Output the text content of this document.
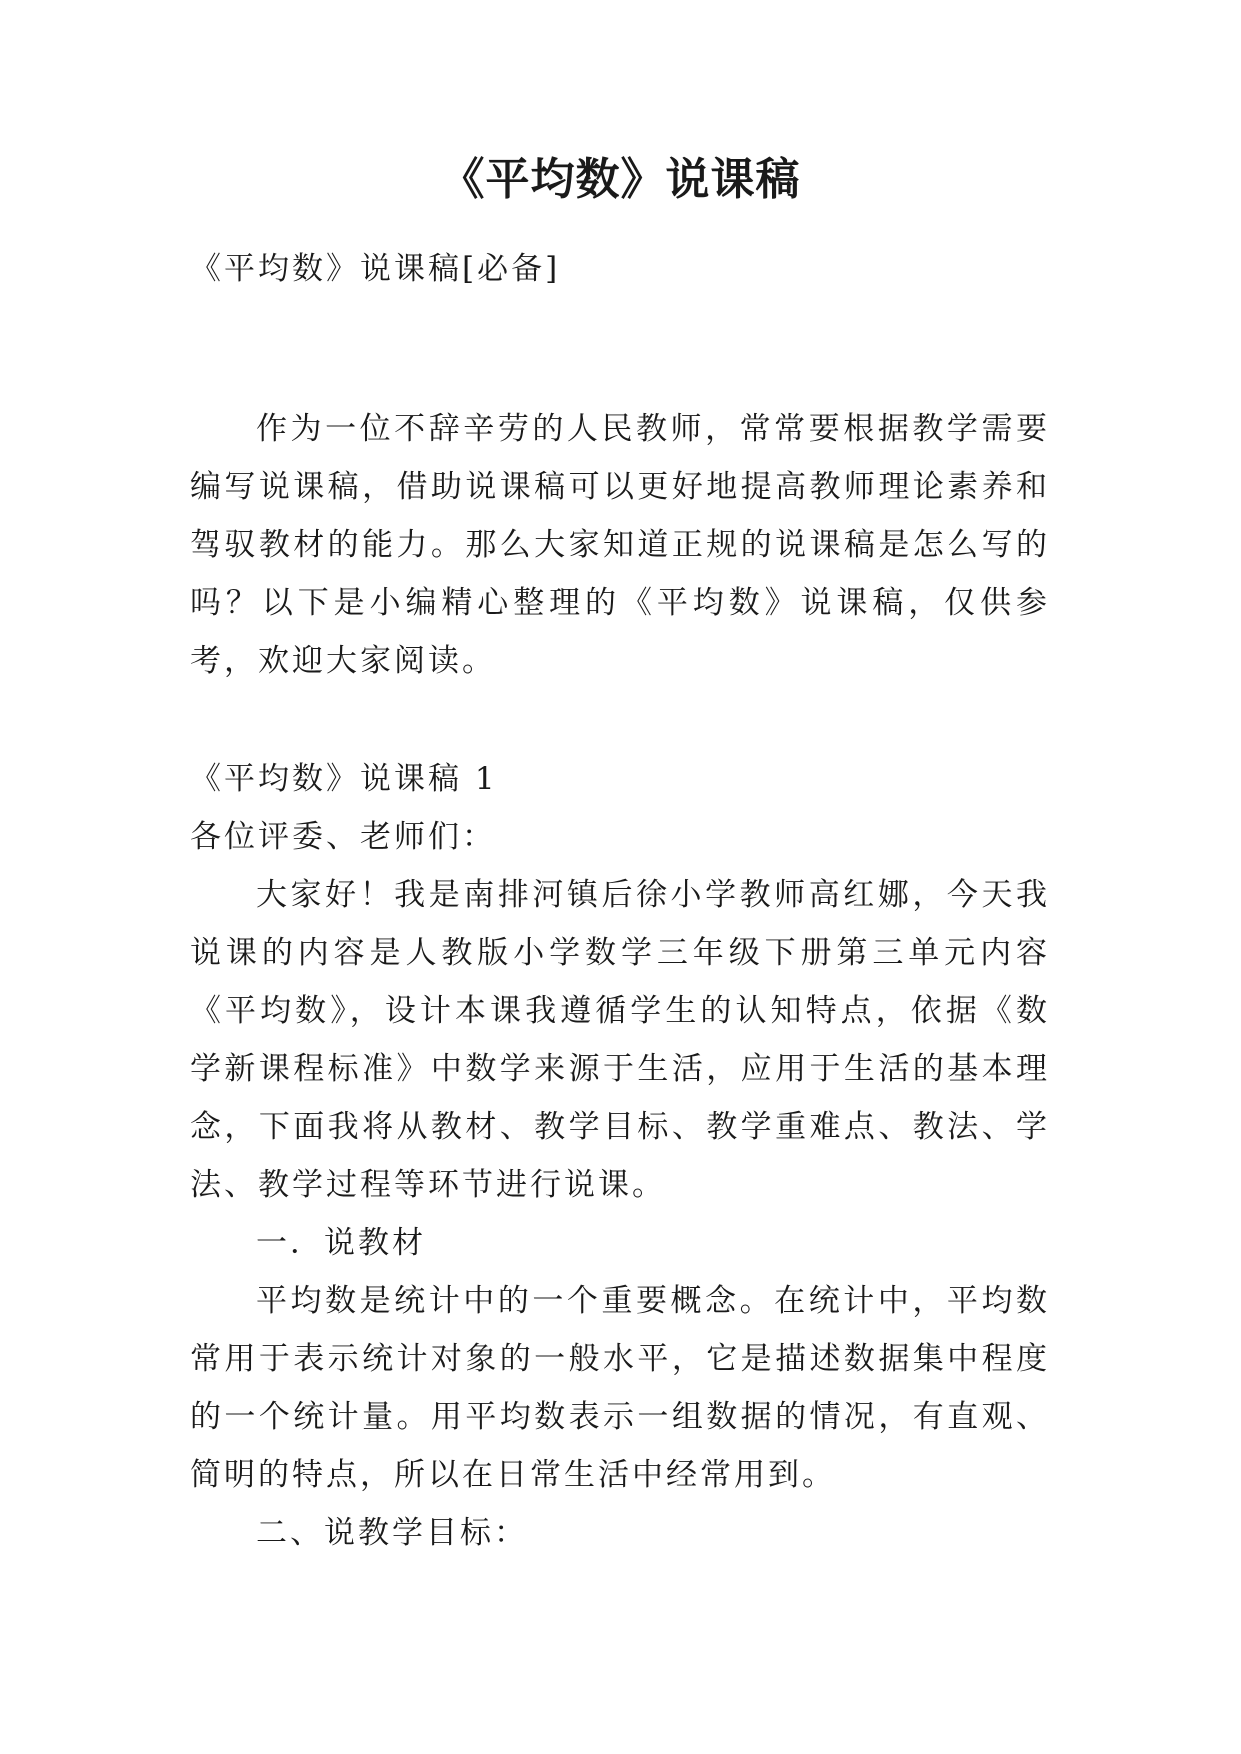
《平均数》说课稿

《平均数》说课稿[必备]

作为一位不辞辛劳的人民教师，常常要根据教学需要编写说课稿，借助说课稿可以更好地提高教师理论素养和驾驭教材的能力。那么大家知道正规的说课稿是怎么写的吗？以下是小编精心整理的《平均数》说课稿，仅供参考，欢迎大家阅读。

《平均数》说课稿 1

各位评委、老师们：

大家好！我是南排河镇后徐小学教师高红娜，今天我说课的内容是人教版小学数学三年级下册第三单元内容《平均数》，设计本课我遵循学生的认知特点，依据《数学新课程标准》中数学来源于生活，应用于生活的基本理念，下面我将从教材、教学目标、教学重难点、教法、学法、教学过程等环节进行说课。

一．说教材

平均数是统计中的一个重要概念。在统计中，平均数常用于表示统计对象的一般水平，它是描述数据集中程度的一个统计量。用平均数表示一组数据的情况，有直观、简明的特点，所以在日常生活中经常用到。

二、说教学目标：
